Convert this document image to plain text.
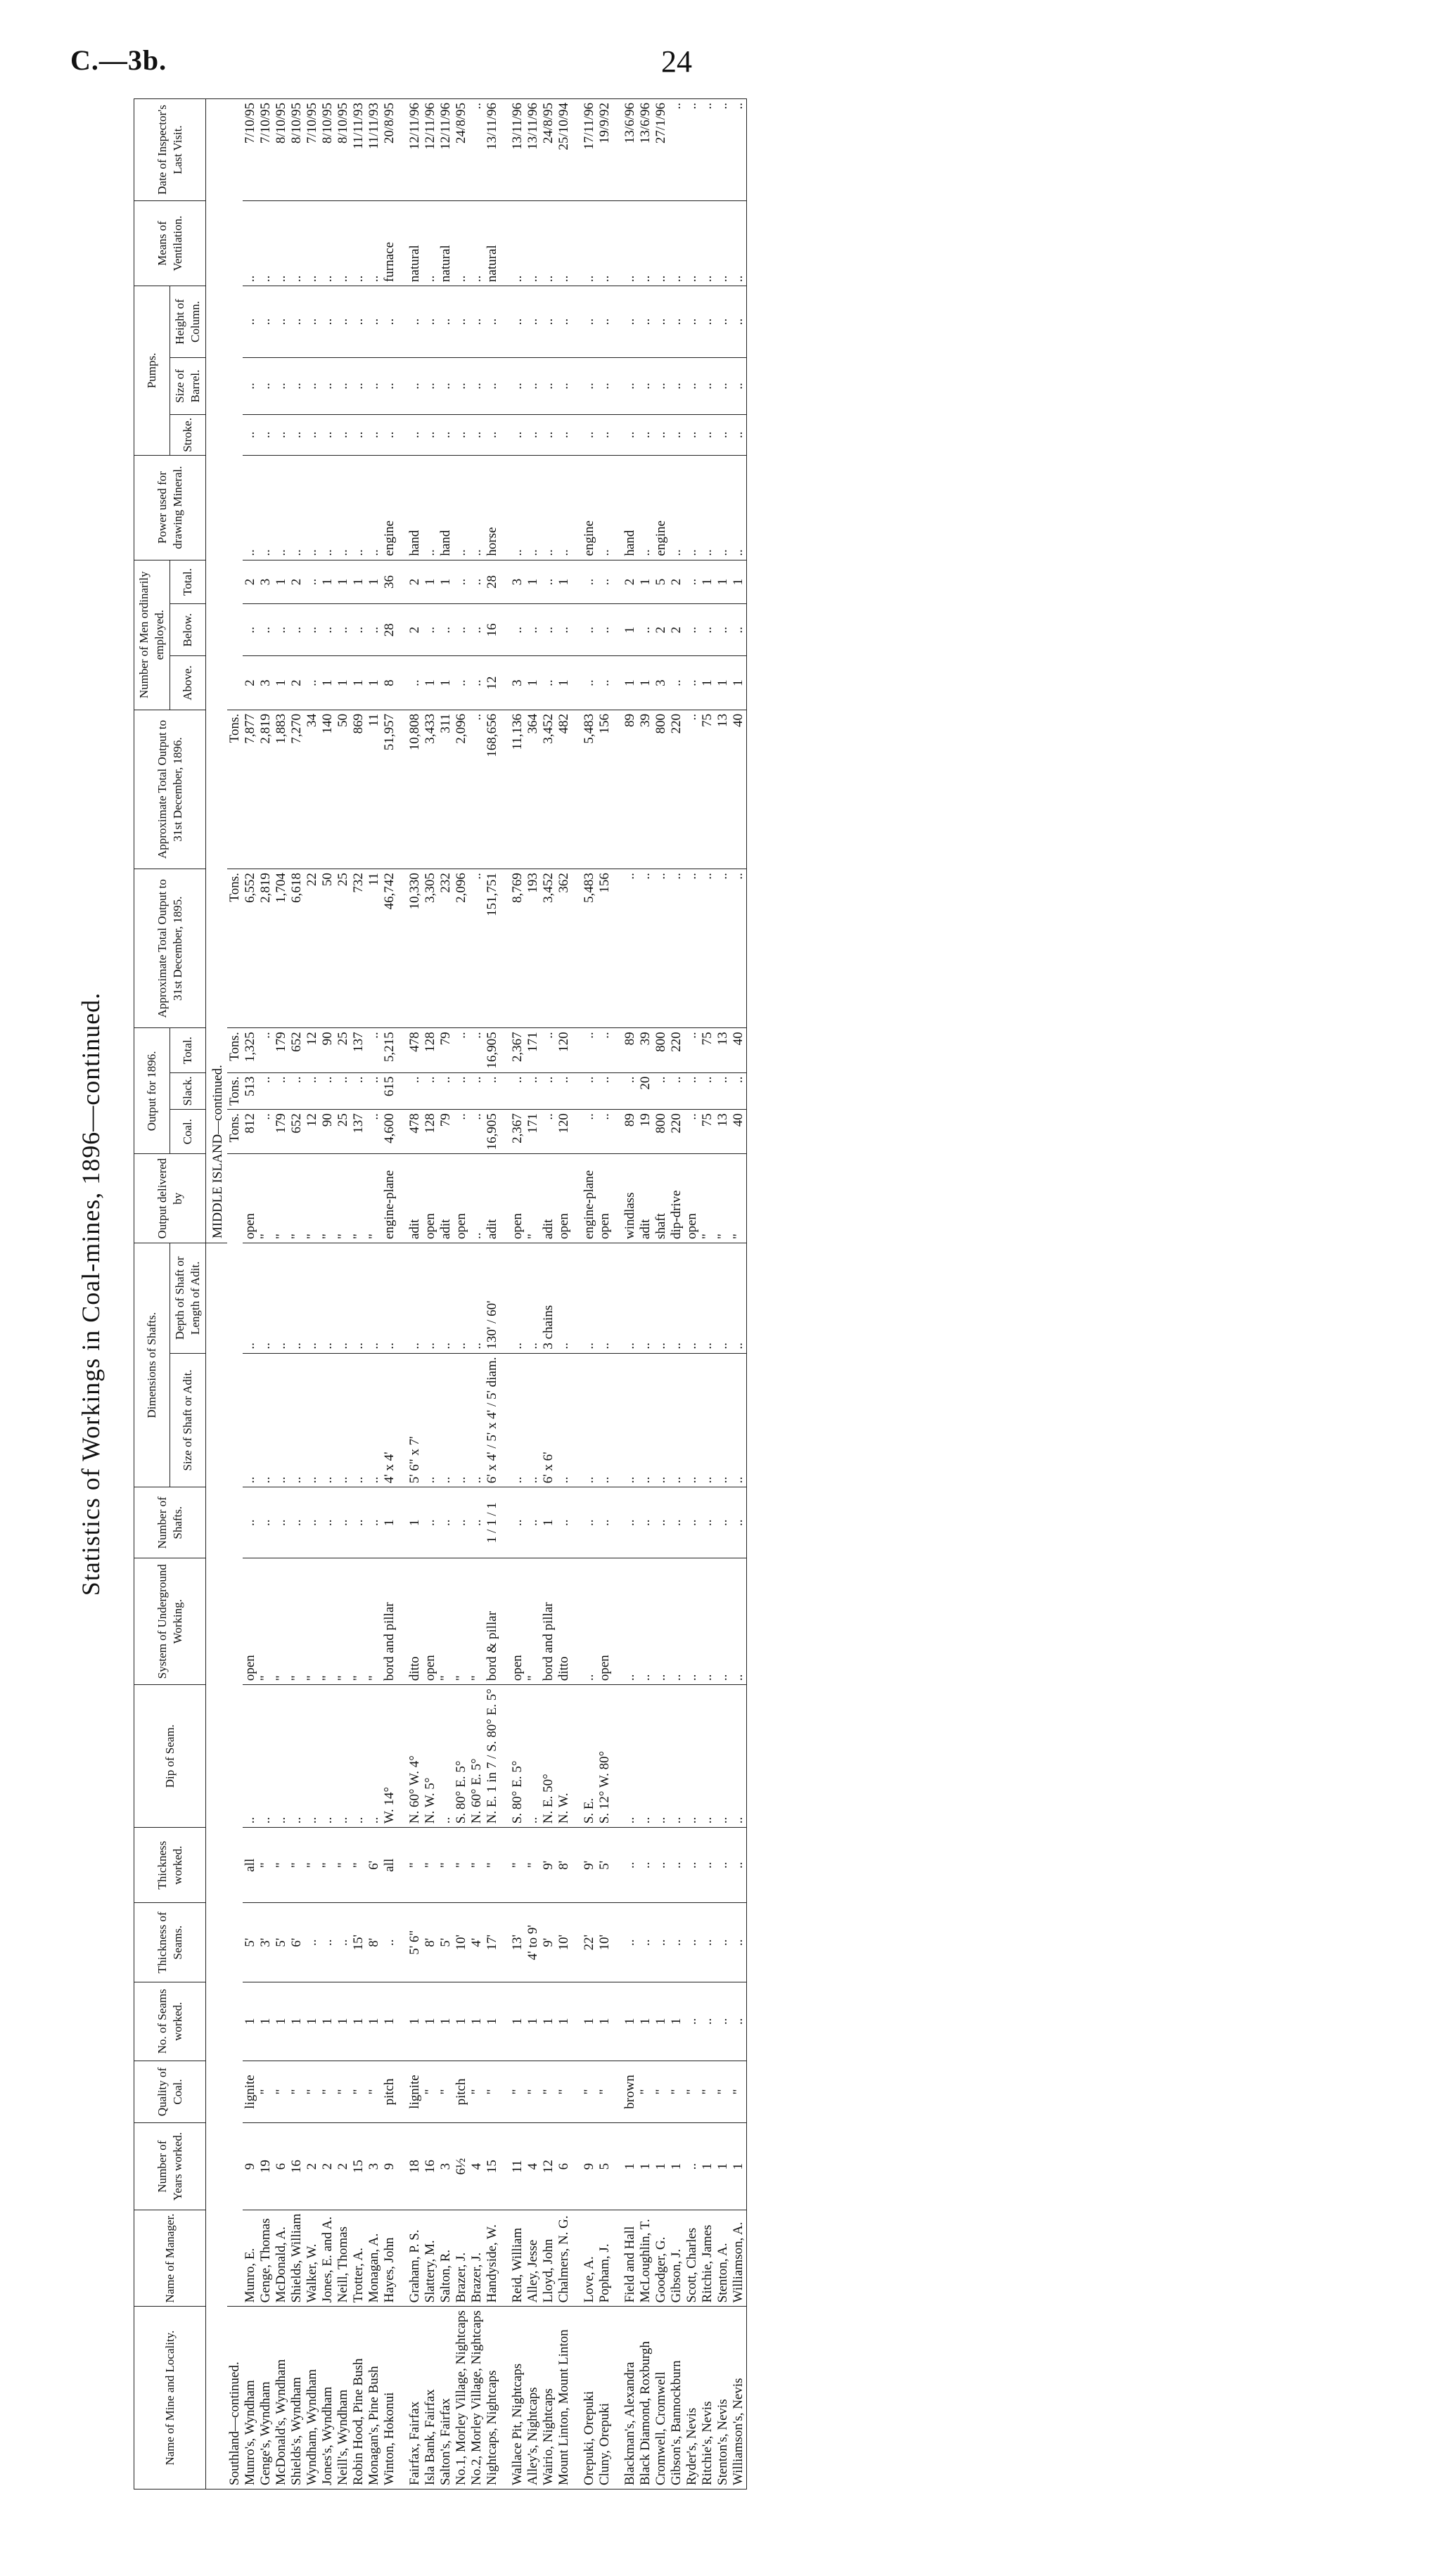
C.—3b.	24
Statistics of Workings in Coal-mines, 1896—continued.
Name of Mine and Locality.	Name of Manager.	Number of Years worked.	Quality of Coal.	No. of Seams worked.	Thickness of Seams.	Thickness worked.	Dip of Seam.	System of Underground Working.	Number of Shafts.	Dimensions of Shafts.		Output delivered by	Output for 1896.			Approximate Total Output to 31st December, 1895.	Approximate Total Output to 31st December, 1896.	Number of Men ordinarily employed.			Power used for drawing Mineral.	Pumps.			Means of Ventilation.	Date of Inspector's Last Visit.
										Size of Shaft or Adit.	Depth of Shaft or Length of Adit.		Coal.	Slack.	Total.			Above.	Below.	Total.		Stroke.	Size of Barrel.	Height of Column.		
												MIDDLE ISLAND—continued.														
Southland—continued.													Tons.	Tons.	Tons.	Tons.	Tons.									
Munro's, Wyndham	Munro, E.	9	lignite	1	5'	all	..	open	..	..	..	open	812	513	1,325	6,552	7,877	2	..	2	..	..	..	..	..	7/10/95
Genge's, Wyndham	Genge, Thomas	19	"	1	3'	"	..	"	..	..	..	"	..	..	..	2,819	2,819	3	..	3	..	..	..	..	..	7/10/95
McDonald's, Wyndham	McDonald, A.	6	"	1	5'	"	..	"	..	..	..	"	179	..	179	1,704	1,883	1	..	1	..	..	..	..	..	8/10/95
Shields's, Wyndham	Shields, William	16	"	1	6'	"	..	"	..	..	..	"	652	..	652	6,618	7,270	2	..	2	..	..	..	..	..	8/10/95
Wyndham, Wyndham	Walker, W.	2	"	1	..	"	..	"	..	..	..	"	12	..	12	22	34	..	..	..	..	..	..	..	..	7/10/95
Jones's, Wyndham	Jones, E. and A.	2	"	1	..	"	..	"	..	..	..	"	90	..	90	50	140	1	..	1	..	..	..	..	..	8/10/95
Neill's, Wyndham	Neill, Thomas	2	"	1	..	"	..	"	..	..	..	"	25	..	25	25	50	1	..	1	..	..	..	..	..	8/10/95
Robin Hood, Pine Bush	Trotter, A.	15	"	1	15'	"	..	"	..	..	..	"	137	..	137	732	869	1	..	1	..	..	..	..	..	11/11/93
Monagan's, Pine Bush	Monagan, A.	3	"	1	8'	6'	..	"	..	..	..	"	..	..	..	11	11	1	..	1	..	..	..	..	..	11/11/93
Winton, Hokonui	Hayes, John	9	pitch	1	..	all	W. 14°	bord and pillar	1	4' x 4'	..	engine-plane	4,600	615	5,215	46,742	51,957	8	28	36	engine	..	..	..	furnace	20/8/95

Fairfax, Fairfax	Graham, P. S.	18	lignite	1	5' 6"	"	N. 60° W. 4°	ditto	1	5' 6" x 7'	..	adit	478	..	478	10,330	10,808	..	2	2	hand	..	..	..	natural	12/11/96
Isla Bank, Fairfax	Slattery, M.	16	"	1	8'	"	N. W. 5°	open	..	..	..	open	128	..	128	3,305	3,433	1	..	1	..	..	..	..	..	12/11/96
Salton's, Fairfax	Salton, R.	3	"	1	5'	"	..	"	..	..	..	adit	79	..	79	232	311	1	..	1	hand	..	..	..	natural	12/11/96
No.1, Morley Village, Nightcaps	Brazer, J.	6½	pitch	1	10'	"	S. 80° E. 5°	"	..	..	..	open	..	..	..	2,096	2,096	..	..	..	..	..	..	..	..	24/8/95
No.2, Morley Village, Nightcaps	Brazer, J.	4	"	1	4'	"	N. 60° E. 5°	"	..	..	..	..	..	..	..	..	..	..	..	..	..	..	..	..	..	..
Nightcaps, Nightcaps	Handyside, W.	15	"	1	17'	"	N. E. 1 in 7 / S. 80° E. 5°	bord & pillar	1 / 1 / 1	6' x 4' / 5' x 4' / 5' diam.	130' / 60'	adit	16,905	..	16,905	151,751	168,656	12	16	28	horse	..	..	..	natural	13/11/96

Wallace Pit, Nightcaps	Reid, William	11	"	1	13'	"	S. 80° E. 5°	open	..	..	..	open	2,367	..	2,367	8,769	11,136	3	..	3	..	..	..	..	..	13/11/96
Alley's, Nightcaps	Alley, Jesse	4	"	1	4' to 9'	"	..	"	..	..	..	"	171	..	171	193	364	1	..	1	..	..	..	..	..	13/11/96
Wairio, Nightcaps	Lloyd, John	12	"	1	9'	9'	N. E. 50°	bord and pillar	1	6' x 6'	3 chains	adit	..	..	..	3,452	3,452	..	..	..	..	..	..	..	..	24/8/95
Mount Linton, Mount Linton	Chalmers, N. G.	6	"	1	10'	8'	N. W.	ditto	..	..	..	open	120	..	120	362	482	1	..	1	..	..	..	..	..	25/10/94

Orepuki, Orepuki	Love, A.	9	"	1	22'	9'	S. E.	..	..	..	..	engine-plane	..	..	..	5,483	5,483	..	..	..	engine	..	..	..	..	17/11/96
Cluny, Orepuki	Popham, J.	5	"	1	10'	5'	S. 12° W. 80°	open	..	..	..	open	..	..	..	156	156	..	..	..	..	..	..	..	..	19/9/92

Blackman's, Alexandra	Field and Hall	1	brown	1	..	..	..	..	..	..	..	windlass	89	..	89	..	89	1	1	2	hand	..	..	..	..	13/6/96
Black Diamond, Roxburgh	McLoughlin, T.	1	"	1	..	..	..	..	..	..	..	adit	19	20	39	..	39	1	..	1	..	..	..	..	..	13/6/96
Cromwell, Cromwell	Goodger, G.	1	"	1	..	..	..	..	..	..	..	shaft	800	..	800	..	800	3	2	5	engine	..	..	..	..	27/1/96
Gibson's, Bannockburn	Gibson, J.	1	"	1	..	..	..	..	..	..	..	dip-drive	220	..	220	..	220	..	2	2	..	..	..	..	..	..
Ryder's, Nevis	Scott, Charles	..	"	..	..	..	..	..	..	..	..	open	..	..	..	..	..	..	..	..	..	..	..	..	..	..
Ritchie's, Nevis	Ritchie, James	1	"	..	..	..	..	..	..	..	..	"	75	..	75	..	75	1	..	1	..	..	..	..	..	..
Stenton's, Nevis	Stenton, A.	1	"	..	..	..	..	..	..	..	..	"	13	..	13	..	13	1	..	1	..	..	..	..	..	..
Williamson's, Nevis	Williamson, A.	1	"	..	..	..	..	..	..	..	..	"	40	..	40	..	40	1	..	1	..	..	..	..	..	..
